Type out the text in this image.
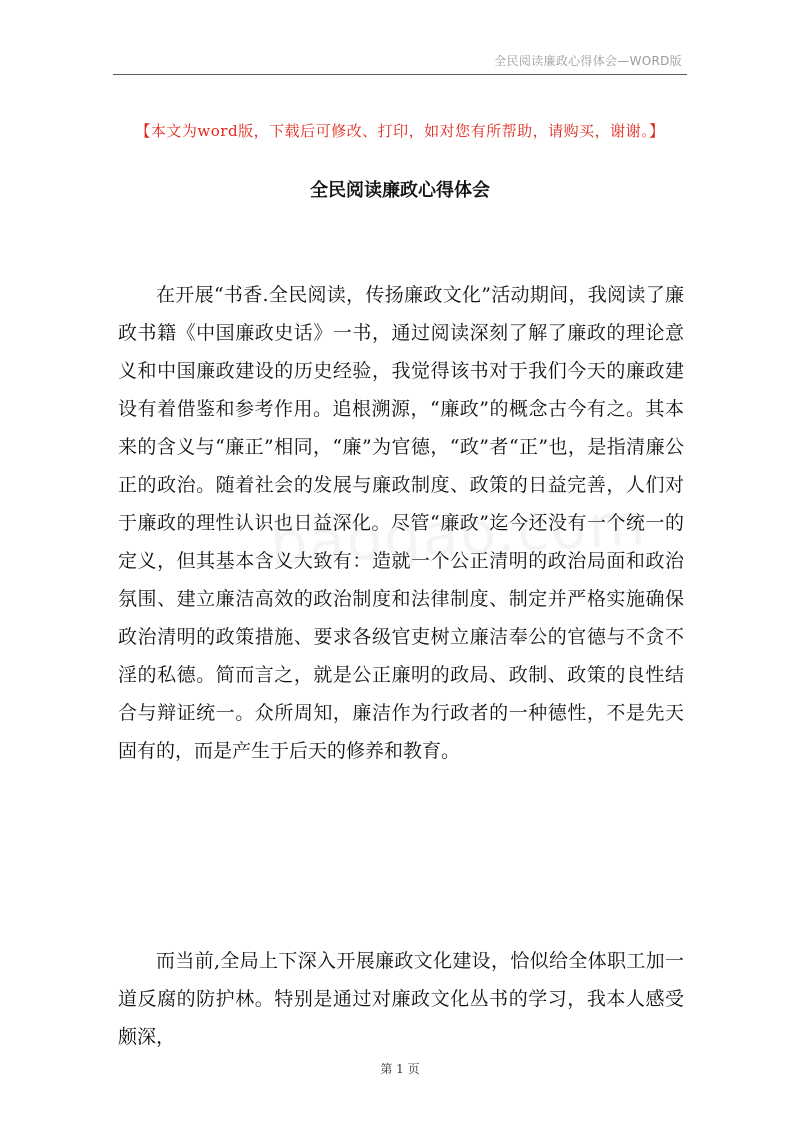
全民阅读廉政心得体会—WORD版
【本文为word版，下载后可修改、打印，如对您有所帮助，请购买，谢谢。】
全民阅读廉政心得体会
在开展“书香.全民阅读，传扬廉政文化”活动期间，我阅读了廉政书籍《中国廉政史话》一书，通过阅读深刻了解了廉政的理论意义和中国廉政建设的历史经验，我觉得该书对于我们今天的廉政建设有着借鉴和参考作用。追根溯源，“廉政”的概念古今有之。其本来的含义与“廉正”相同，“廉”为官德，“政”者“正”也，是指清廉公正的政治。随着社会的发展与廉政制度、政策的日益完善，人们对于廉政的理性认识也日益深化。尽管“廉政”迄今还没有一个统一的定义，但其基本含义大致有：造就一个公正清明的政治局面和政治氛围、建立廉洁高效的政治制度和法律制度、制定并严格实施确保政治清明的政策措施、要求各级官吏树立廉洁奉公的官德与不贪不淫的私德。简而言之，就是公正廉明的政局、政制、政策的良性结合与辩证统一。众所周知，廉洁作为行政者的一种德性，不是先天固有的，而是产生于后天的修养和教育。
而当前,全局上下深入开展廉政文化建设，恰似给全体职工加一道反腐的防护林。特别是通过对廉政文化丛书的学习，我本人感受颇深，
第 1 页
